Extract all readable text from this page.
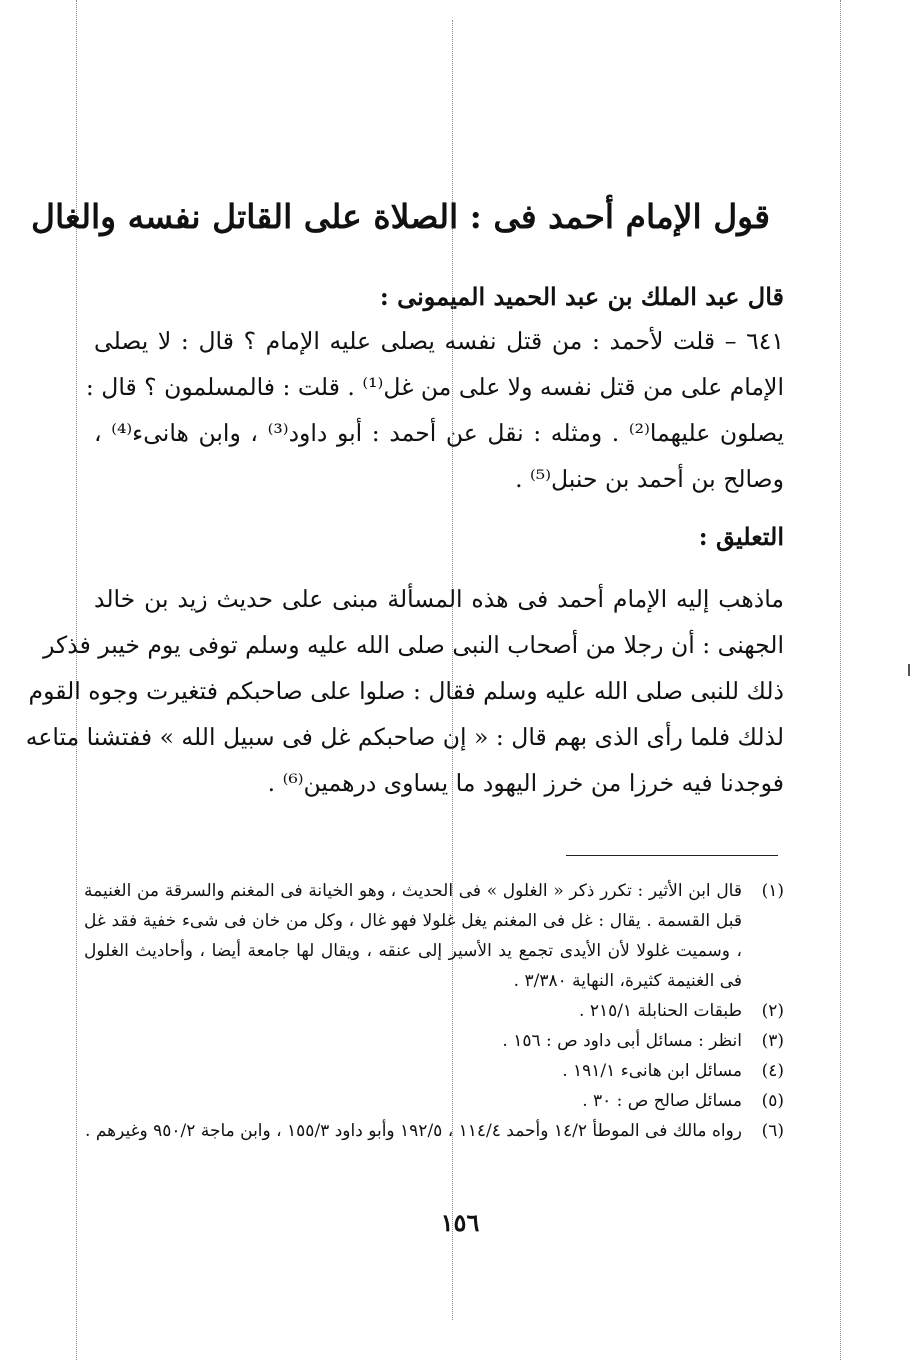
قول الإمام أحمد فى : الصلاة على القاتل نفسه والغال
قال عبد الملك بن عبد الحميد الميمونى :
٦٤١ – قلت لأحمد : من قتل نفسه يصلى عليه الإمام ؟ قال : لا يصلى
الإمام على من قتل نفسه ولا على من غل⁽¹⁾ . قلت : فالمسلمون ؟ قال :
يصلون عليهما⁽²⁾ . ومثله : نقل عن أحمد : أبو داود⁽³⁾ ، وابن هانىء⁽⁴⁾ ،
وصالح بن أحمد بن حنبل⁽⁵⁾ .
التعليق :
ماذهب إليه الإمام أحمد فى هذه المسألة مبنى على حديث زيد بن خالد
الجهنى : أن رجلا من أصحاب النبى صلى الله عليه وسلم توفى يوم خيبر فذكر
ذلك للنبى صلى الله عليه وسلم فقال : صلوا على صاحبكم فتغيرت وجوه القوم
لذلك فلما رأى الذى بهم قال : « إن صاحبكم غل فى سبيل الله » ففتشنا متاعه
فوجدنا فيه خرزا من خرز اليهود ما يساوى درهمين⁽⁶⁾ .
(١)
قال ابن الأثير : تكرر ذكر « الغلول » فى الحديث ، وهو الخيانة فى المغنم والسرقة من الغنيمة قبل القسمة . يقال : غل فى المغنم يغل غلولا فهو غال ، وكل من خان فى شىء خفية فقد غل ، وسميت غلولا لأن الأيدى تجمع يد الأسير إلى عنقه ، ويقال لها جامعة أيضا ، وأحاديث الغلول فى الغنيمة كثيرة، النهاية ٣/٣٨٠ .
(٢)
طبقات الحنابلة ٢١٥/١ .
(٣)
انظر : مسائل أبى داود ص : ١٥٦ .
(٤)
مسائل ابن هانىء ١٩١/١ .
(٥)
مسائل صالح ص : ٣٠ .
(٦)
رواه مالك فى الموطأ ١٤/٢ وأحمد ١١٤/٤ ، ١٩٢/٥ وأبو داود ١٥٥/٣ ، وابن ماجة ٩٥٠/٢ وغيرهم .
١٥٦
